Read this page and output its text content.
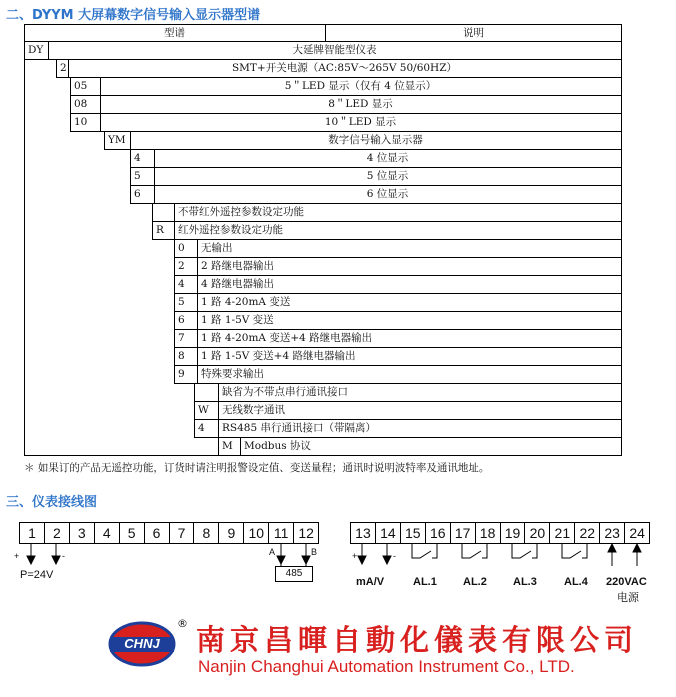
二、DYYM 大屏幕数字信号输入显示器型谱
型谱	说明
DY	大延牌智能型仪表
2	SMT+开关电源（AC:85V～265V 50/60HZ）
05	5＂LED 显示（仅有 4 位显示）
08	8＂LED 显示
10	10＂LED 显示
YM	数字信号输入显示器
4	4 位显示
5	5 位显示
6	6 位显示
不带红外遥控参数设定功能
R 红外遥控参数设定功能
0 无输出
2 2 路继电器输出
4 4 路继电器输出
5 1 路 4-20mA 变送
6 1 路 1-5V 变送
7 1 路 4-20mA 变送+4 路继电器输出
8 1 路 1-5V 变送+4 路继电器输出
9 特殊要求输出
缺省为不带点串行通讯接口
W 无线数字通讯
4 RS485 串行通讯接口（带隔离）
M Modbus 协议
＊ 如果订的产品无遥控功能，订货时请注明报警设定值、变送量程；通讯时说明波特率及通讯地址。
三、仪表接线图
1	2	3	4	5	6	7	8	9 10 11 12	13 14 15 16 17 18 19 20 21 22 23 24
+	-
P=24V
A	B
485
+	-
mA/V	AL.1 AL.2 AL.3 AL.4 220VAC
电源
CHNJ
® 南京昌暉自動化儀表有限公司
Nanjin Changhui Automation Instrument Co., LTD.
